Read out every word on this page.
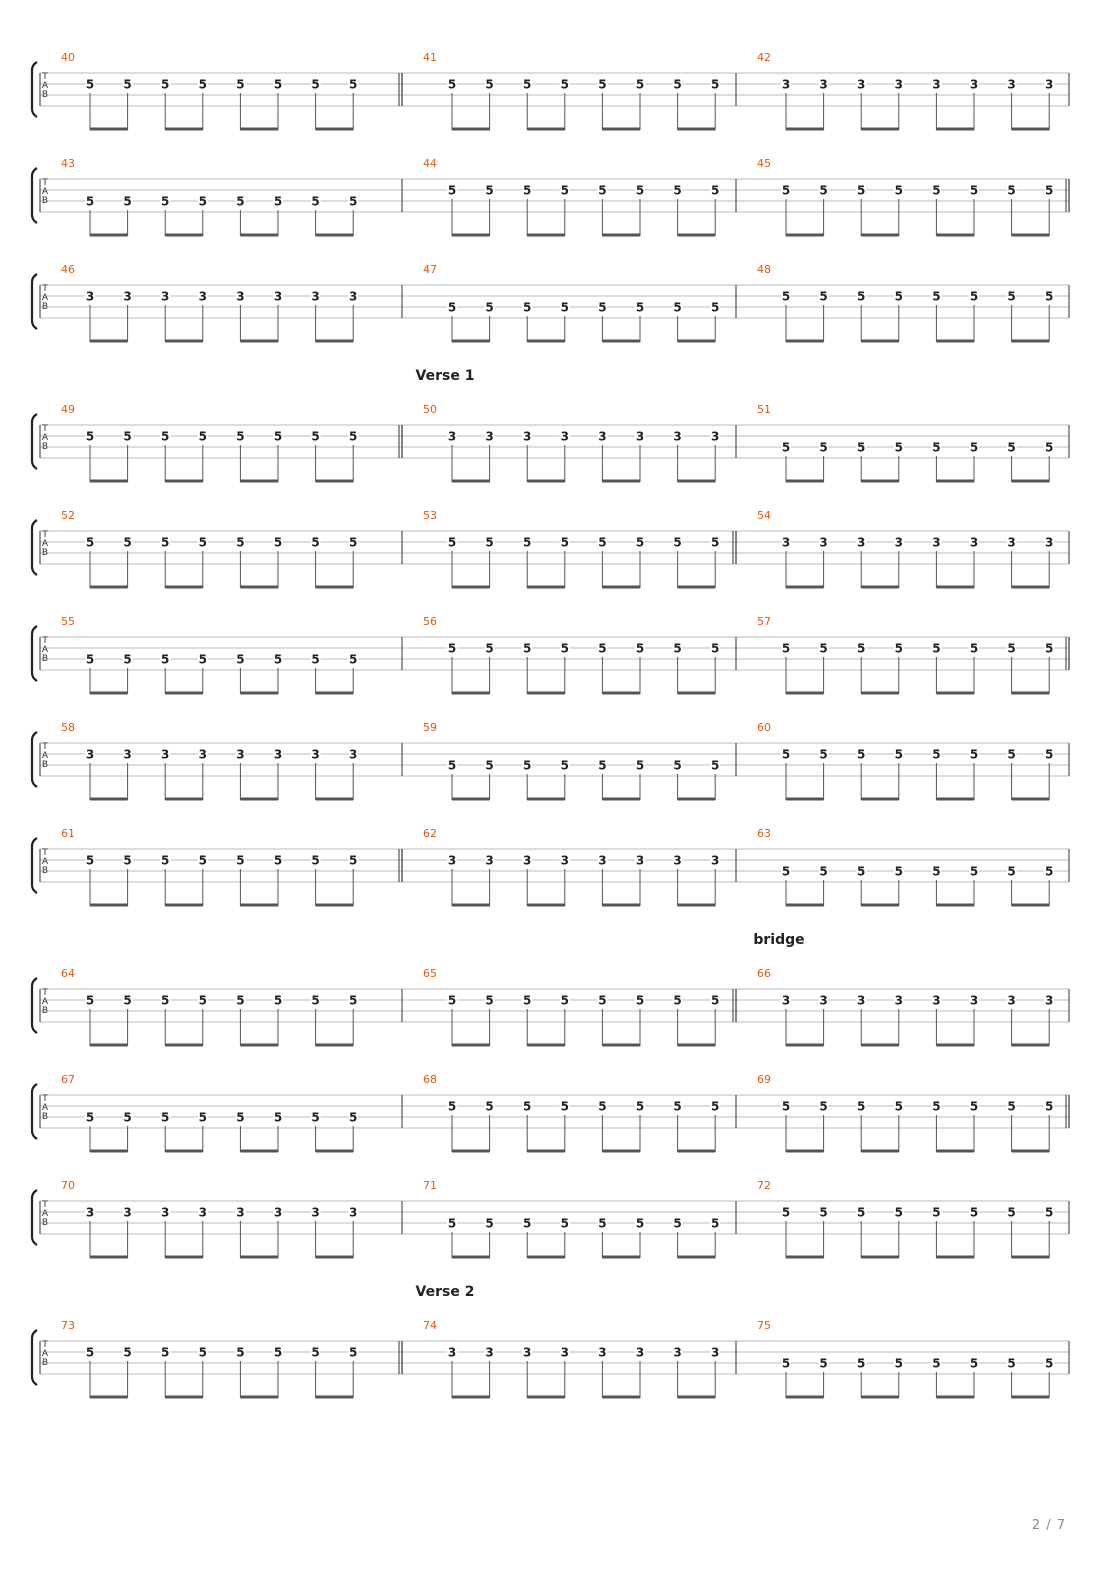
T
A
B
40
5 5 5 5 5 5 5 5
41
5 5 5 5 5 5 5 5
42
3 3 3 3 3 3 3 3
T
A
B
43
5 5 5 5 5 5 5 5
44
5 5 5 5 5 5 5 5
45
5 5 5 5 5 5 5 5
T
A
B
46
3 3 3 3 3 3 3 3
47
5 5 5 5 5 5 5 5
48
5 5 5 5 5 5 5 5
T
A
B
Verse 1
49
5 5 5 5 5 5 5 5
50
3 3 3 3 3 3 3 3
51
5 5 5 5 5 5 5 5
T
A
B
52
5 5 5 5 5 5 5 5
53
5 5 5 5 5 5 5 5
54
3 3 3 3 3 3 3 3
T
A
B
55
5 5 5 5 5 5 5 5
56
5 5 5 5 5 5 5 5
57
5 5 5 5 5 5 5 5
T
A
B
58
3 3 3 3 3 3 3 3
59
5 5 5 5 5 5 5 5
60
5 5 5 5 5 5 5 5
T
A
B
61
5 5 5 5 5 5 5 5
62
3 3 3 3 3 3 3 3
63
5 5 5 5 5 5 5 5
T
A
B
bridge
64
5 5 5 5 5 5 5 5
65
5 5 5 5 5 5 5 5
66
3 3 3 3 3 3 3 3
T
A
B
67
5 5 5 5 5 5 5 5
68
5 5 5 5 5 5 5 5
69
5 5 5 5 5 5 5 5
T
A
B
70
3 3 3 3 3 3 3 3
71
5 5 5 5 5 5 5 5
72
5 5 5 5 5 5 5 5
T
A
B
Verse 2
73
5 5 5 5 5 5 5 5
74
3 3 3 3 3 3 3 3
75
5 5 5 5 5 5 5 5
2 / 7
